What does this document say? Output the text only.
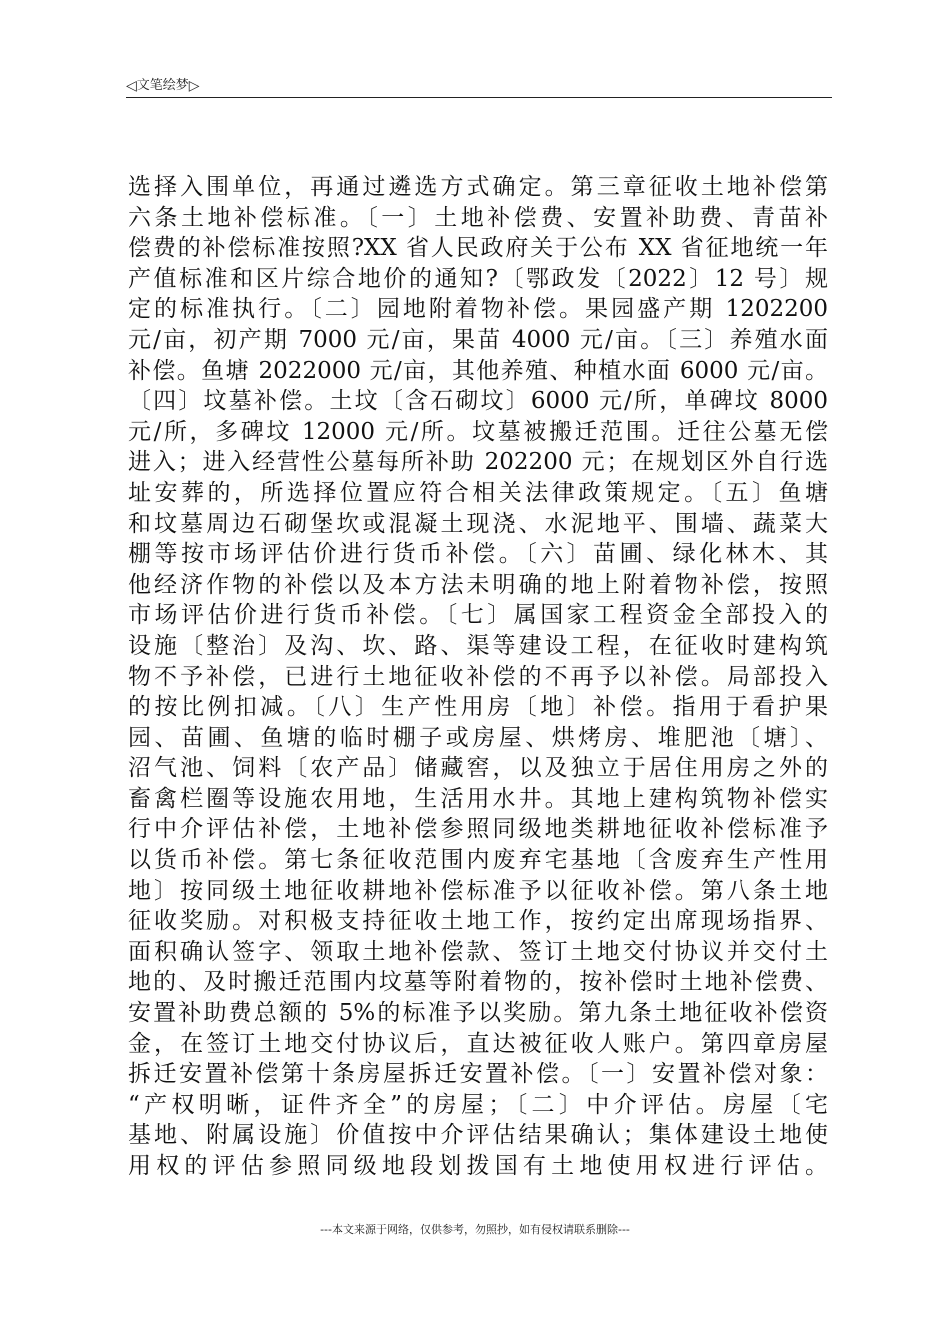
◁ 文笔绘梦 ▷
选择入围单位，再通过遴选方式确定。第三章征收土地补偿第
六条土地补偿标准。〔一〕土地补偿费、安置补助费、青苗补
偿费的补偿标准按照?XX 省人民政府关于公布 XX 省征地统一年
产值标准和区片综合地价的通知?〔鄂政发〔2022〕12 号〕规
定的标准执行。〔二〕园地附着物补偿。果园盛产期 1202200
元/亩，初产期 7000 元/亩，果苗 4000 元/亩。〔三〕养殖水面
补偿。鱼塘 2022000 元/亩，其他养殖、种植水面 6000 元/亩。
〔四〕坟墓补偿。土坟〔含石砌坟〕6000 元/所，单碑坟 8000
元/所，多碑坟 12000 元/所。坟墓被搬迁范围。迁往公墓无偿
进入；进入经营性公墓每所补助 202200 元；在规划区外自行选
址安葬的，所选择位置应符合相关法律政策规定。〔五〕鱼塘
和坟墓周边石砌堡坎或混凝土现浇、水泥地平、围墙、蔬菜大
棚等按市场评估价进行货币补偿。〔六〕苗圃、绿化林木、其
他经济作物的补偿以及本方法未明确的地上附着物补偿，按照
市场评估价进行货币补偿。〔七〕属国家工程资金全部投入的
设施〔整治〕及沟、坎、路、渠等建设工程，在征收时建构筑
物不予补偿，已进行土地征收补偿的不再予以补偿。局部投入
的按比例扣减。〔八〕生产性用房〔地〕补偿。指用于看护果
园、苗圃、鱼塘的临时棚子或房屋、烘烤房、堆肥池〔塘〕、
沼气池、饲料〔农产品〕储藏窖，以及独立于居住用房之外的
畜禽栏圈等设施农用地，生活用水井。其地上建构筑物补偿实
行中介评估补偿，土地补偿参照同级地类耕地征收补偿标准予
以货币补偿。第七条征收范围内废弃宅基地〔含废弃生产性用
地〕按同级土地征收耕地补偿标准予以征收补偿。第八条土地
征收奖励。对积极支持征收土地工作，按约定出席现场指界、
面积确认签字、领取土地补偿款、签订土地交付协议并交付土
地的、及时搬迁范围内坟墓等附着物的，按补偿时土地补偿费、
安置补助费总额的 5%的标准予以奖励。第九条土地征收补偿资
金，在签订土地交付协议后，直达被征收人账户。第四章房屋
拆迁安置补偿第十条房屋拆迁安置补偿。〔一〕安置补偿对象：
“产权明晰，证件齐全”的房屋；〔二〕中介评估。房屋〔宅
基地、附属设施〕价值按中介评估结果确认；集体建设土地使
用权的评估参照同级地段划拨国有土地使用权进行评估。
---本文来源于网络，仅供参考，勿照抄，如有侵权请联系删除---
